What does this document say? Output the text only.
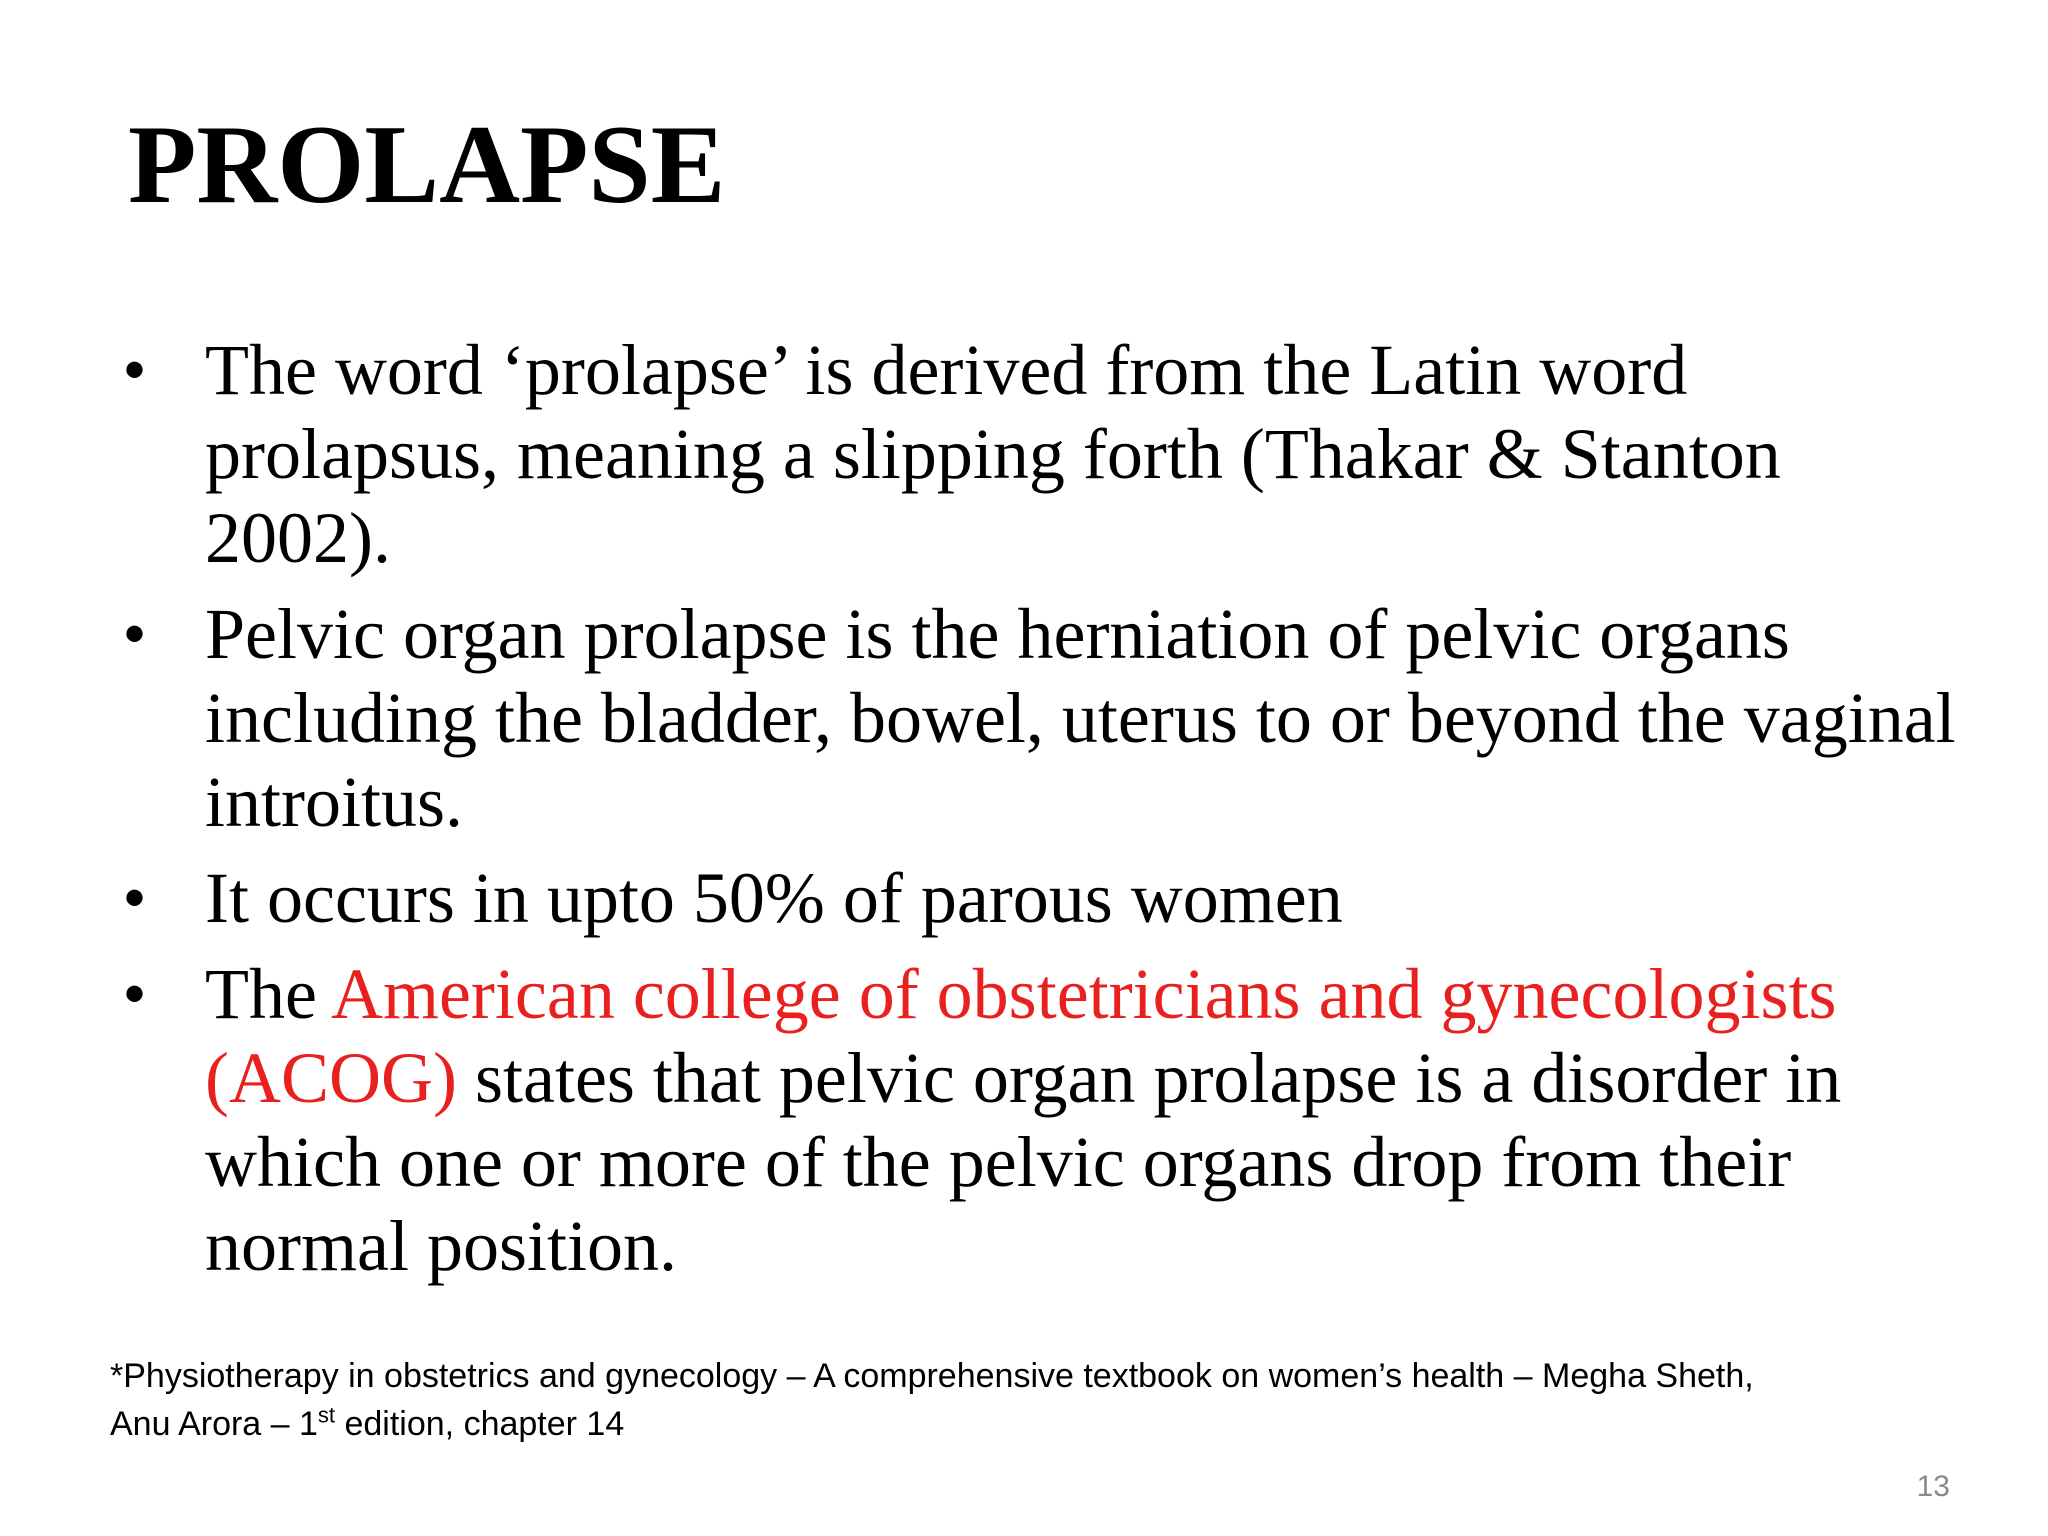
PROLAPSE
• The word ‘prolapse’ is derived from the Latin word prolapsus, meaning a slipping forth (Thakar & Stanton 2002).
• Pelvic organ prolapse is the herniation of pelvic organs including the bladder, bowel, uterus to or beyond the vaginal introitus.
• It occurs in upto 50% of parous women
• The American college of obstetricians and gynecologists (ACOG) states that pelvic organ prolapse is a disorder in which one or more of the pelvic organs drop from their normal position.
*Physiotherapy in obstetrics and gynecology – A comprehensive textbook on women’s health – Megha Sheth,
Anu Arora – 1st edition, chapter 14
13
